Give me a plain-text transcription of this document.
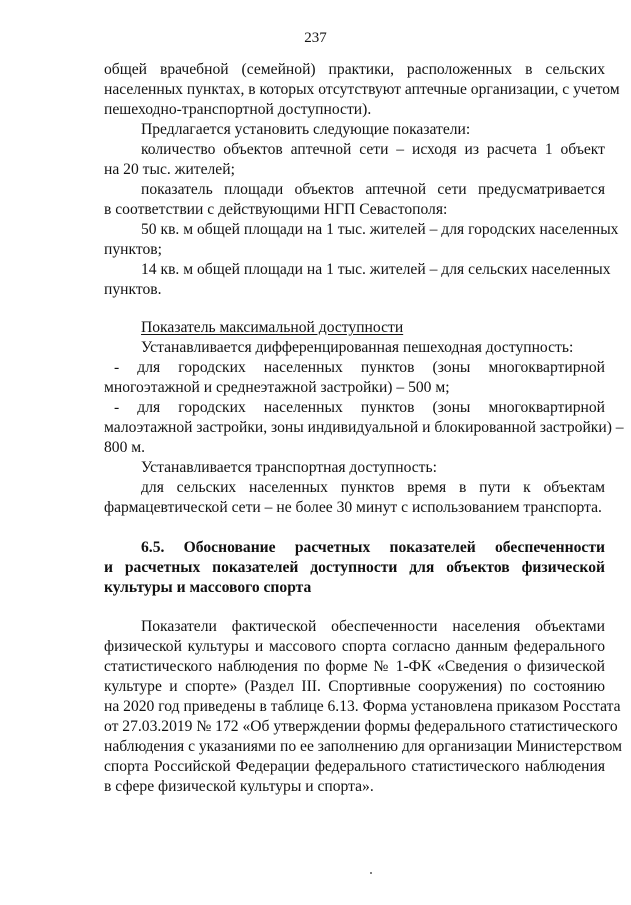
237
общей врачебной (семейной) практики, расположенных в сельских
населенных пунктах, в которых отсутствуют аптечные организации, с учетом
пешеходно-транспортной доступности).
Предлагается установить следующие показатели:
количество объектов аптечной сети – исходя из расчета 1 объект
на 20 тыс. жителей;
показатель площади объектов аптечной сети предусматривается
в соответствии с действующими НГП Севастополя:
50 кв. м общей площади на 1 тыс. жителей – для городских населенных
пунктов;
14 кв. м общей площади на 1 тыс. жителей – для сельских населенных
пунктов.
Показатель максимальной доступности
Устанавливается дифференцированная пешеходная доступность:
- для городских населенных пунктов (зоны многоквартирной
многоэтажной и среднеэтажной застройки) – 500 м;
- для городских населенных пунктов (зоны многоквартирной
малоэтажной застройки, зоны индивидуальной и блокированной застройки) –
800 м.
Устанавливается транспортная доступность:
для сельских населенных пунктов время в пути к объектам
фармацевтической сети – не более 30 минут с использованием транспорта.
6.5. Обоснование расчетных показателей обеспеченности
и расчетных показателей доступности для объектов физической
культуры и массового спорта
Показатели фактической обеспеченности населения объектами
физической культуры и массового спорта согласно данным федерального
статистического наблюдения по форме № 1-ФК «Сведения о физической
культуре и спорте» (Раздел III. Спортивные сооружения) по состоянию
на 2020 год приведены в таблице 6.13. Форма установлена приказом Росстата
от 27.03.2019 № 172 «Об утверждении формы федерального статистического
наблюдения с указаниями по ее заполнению для организации Министерством
спорта Российской Федерации федерального статистического наблюдения
в сфере физической культуры и спорта».
